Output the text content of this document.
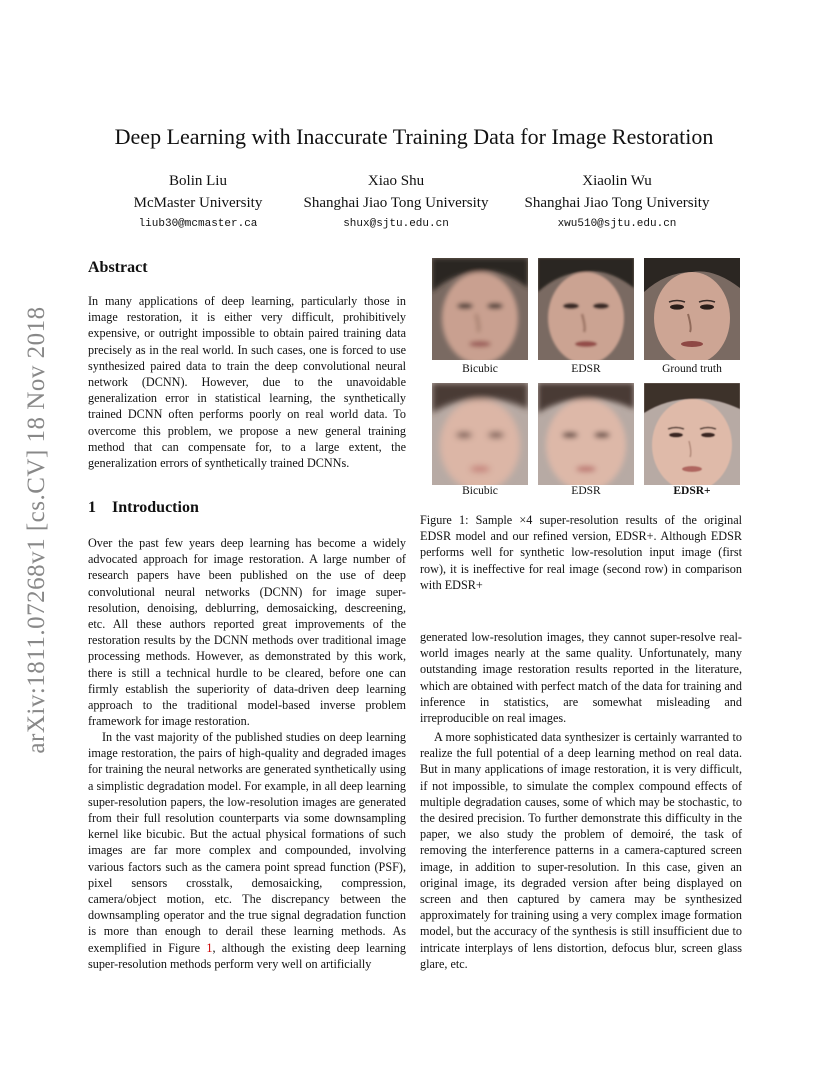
arXiv:1811.07268v1 [cs.CV] 18 Nov 2018
Deep Learning with Inaccurate Training Data for Image Restoration
Bolin Liu
McMaster University
liub30@mcmaster.ca
Xiao Shu
Shanghai Jiao Tong University
shux@sjtu.edu.cn
Xiaolin Wu
Shanghai Jiao Tong University
xwu510@sjtu.edu.cn
Abstract

In many applications of deep learning, particularly those in image restoration, it is either very difficult, prohibitively expensive, or outright impossible to obtain paired training data precisely as in the real world. In such cases, one is forced to use synthesized paired data to train the deep convolutional neural network (DCNN). However, due to the unavoidable generalization error in statistical learning, the synthetically trained DCNN often performs poorly on real world data. To overcome this problem, we propose a new general training method that can compensate for, to a large extent, the generalization errors of synthetically trained DCNNs.

1 Introduction

Over the past few years deep learning has become a widely advocated approach for image restoration. A large number of research papers have been published on the use of deep convolutional neural networks (DCNN) for image super-resolution, denoising, deblurring, demosaicking, descreening, etc. All these authors reported great improvements of the restoration results by the DCNN methods over traditional image processing methods. However, as demonstrated by this work, there is still a technical hurdle to be cleared, before one can firmly establish the superiority of data-driven deep learning approach to the traditional model-based inverse problem framework for image restoration.

In the vast majority of the published studies on deep learning image restoration, the pairs of high-quality and degraded images for training the neural networks are generated synthetically using a simplistic degradation model. For example, in all deep learning super-resolution papers, the low-resolution images are generated from their full resolution counterparts via some downsampling kernel like bicubic. But the actual physical formations of such images are far more complex and compounded, involving various factors such as the camera point spread function (PSF), pixel sensors crosstalk, demosaicking, compression, camera/object motion, etc. The discrepancy between the downsampling operator and the true signal degradation function is more than enough to derail these learning methods. As exemplified in Figure 1, although the existing deep learning super-resolution methods perform very well on artificially

generated low-resolution images, they cannot super-resolve real-world images nearly at the same quality. Unfortunately, many outstanding image restoration results reported in the literature, which are obtained with perfect match of the data for training and inference in statistics, are somewhat misleading and irreproducible on real images.

A more sophisticated data synthesizer is certainly warranted to realize the full potential of a deep learning method on real data. But in many applications of image restoration, it is very difficult, if not impossible, to simulate the complex compound effects of multiple degradation causes, some of which may be stochastic, to the desired precision. To further demonstrate this difficulty in the paper, we also study the problem of demoiré, the task of removing the interference patterns in a camera-captured screen image, in addition to super-resolution. In this case, given an original image, its degraded version after being displayed on screen and then captured by camera may be synthesized approximately for training using a very complex image formation model, but the accuracy of the synthesis is still insufficient due to intricate interplays of lens distortion, defocus blur, screen glass glare, etc.

Bicubic	EDSR	Ground truth
Bicubic	EDSR	EDSR+

Figure 1: Sample ×4 super-resolution results of the original EDSR model and our refined version, EDSR+. Although EDSR performs well for synthetic low-resolution input image (first row), it is ineffective for real image (second row) in comparison with EDSR+
